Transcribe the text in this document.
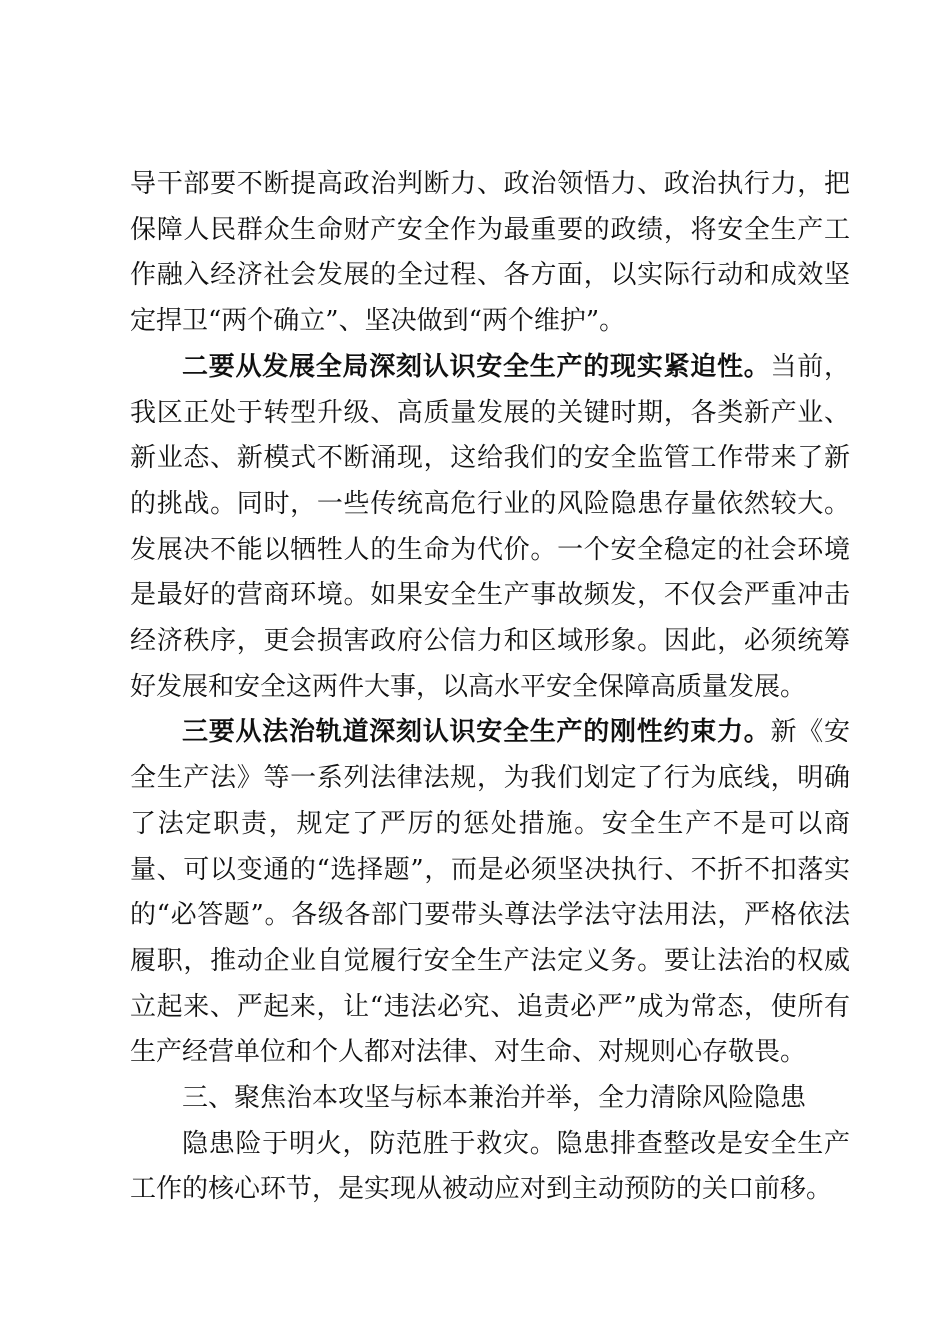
导干部要不断提高政治判断力、政治领悟力、政治执行力，把保障人民群众生命财产安全作为最重要的政绩，将安全生产工作融入经济社会发展的全过程、各方面，以实际行动和成效坚定捍卫“两个确立”、坚决做到“两个维护”。

二要从发展全局深刻认识安全生产的现实紧迫性。当前，我区正处于转型升级、高质量发展的关键时期，各类新产业、新业态、新模式不断涌现，这给我们的安全监管工作带来了新的挑战。同时，一些传统高危行业的风险隐患存量依然较大。发展决不能以牺牲人的生命为代价。一个安全稳定的社会环境是最好的营商环境。如果安全生产事故频发，不仅会严重冲击经济秩序，更会损害政府公信力和区域形象。因此，必须统筹好发展和安全这两件大事，以高水平安全保障高质量发展。

三要从法治轨道深刻认识安全生产的刚性约束力。新《安全生产法》等一系列法律法规，为我们划定了行为底线，明确了法定职责，规定了严厉的惩处措施。安全生产不是可以商量、可以变通的“选择题”，而是必须坚决执行、不折不扣落实的“必答题”。各级各部门要带头尊法学法守法用法，严格依法履职，推动企业自觉履行安全生产法定义务。要让法治的权威立起来、严起来，让“违法必究、追责必严”成为常态，使所有生产经营单位和个人都对法律、对生命、对规则心存敬畏。

三、聚焦治本攻坚与标本兼治并举，全力清除风险隐患

隐患险于明火，防范胜于救灾。隐患排查整改是安全生产工作的核心环节，是实现从被动应对到主动预防的关口前移。
